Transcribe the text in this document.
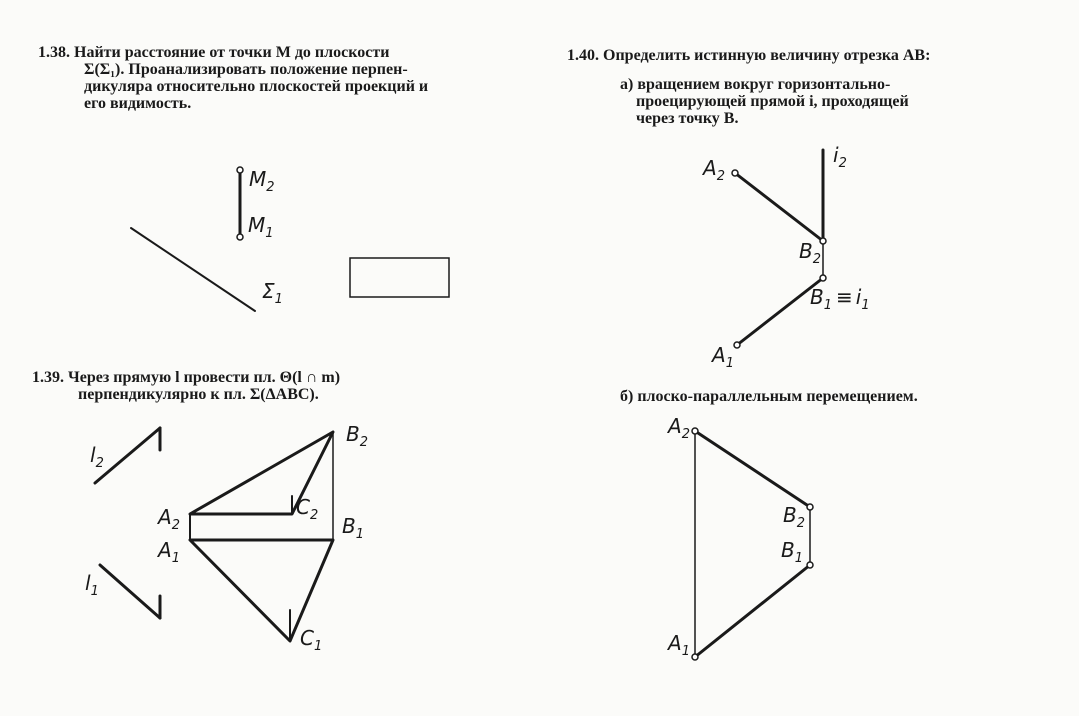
1.38. Найти расстояние от точки M до плоскости
Σ(Σ₁). Проанализировать положение перпен-
дикуляра относительно плоскостей проекций и
его видимость.
1.39. Через прямую l провести пл. Θ(l ∩ m)
перпендикулярно к пл. Σ(ΔABC).
1.40. Определить истинную величину отрезка AB:
а) вращением вокруг горизонтально-
проецирующей прямой i, проходящей
через точку B.
б) плоско-параллельным перемещением.
$M_2$
$M_1$
$\Sigma_1$
$l_2$
$l_1$
$A_2$
$A_1$
$B_2$
$B_1$
$C_2$
$C_1$
$A_2$
$i_2$
$B_2$
$B_1 \equiv i_1$
$A_1$
$A_2$
$B_2$
$B_1$
$A_1$
